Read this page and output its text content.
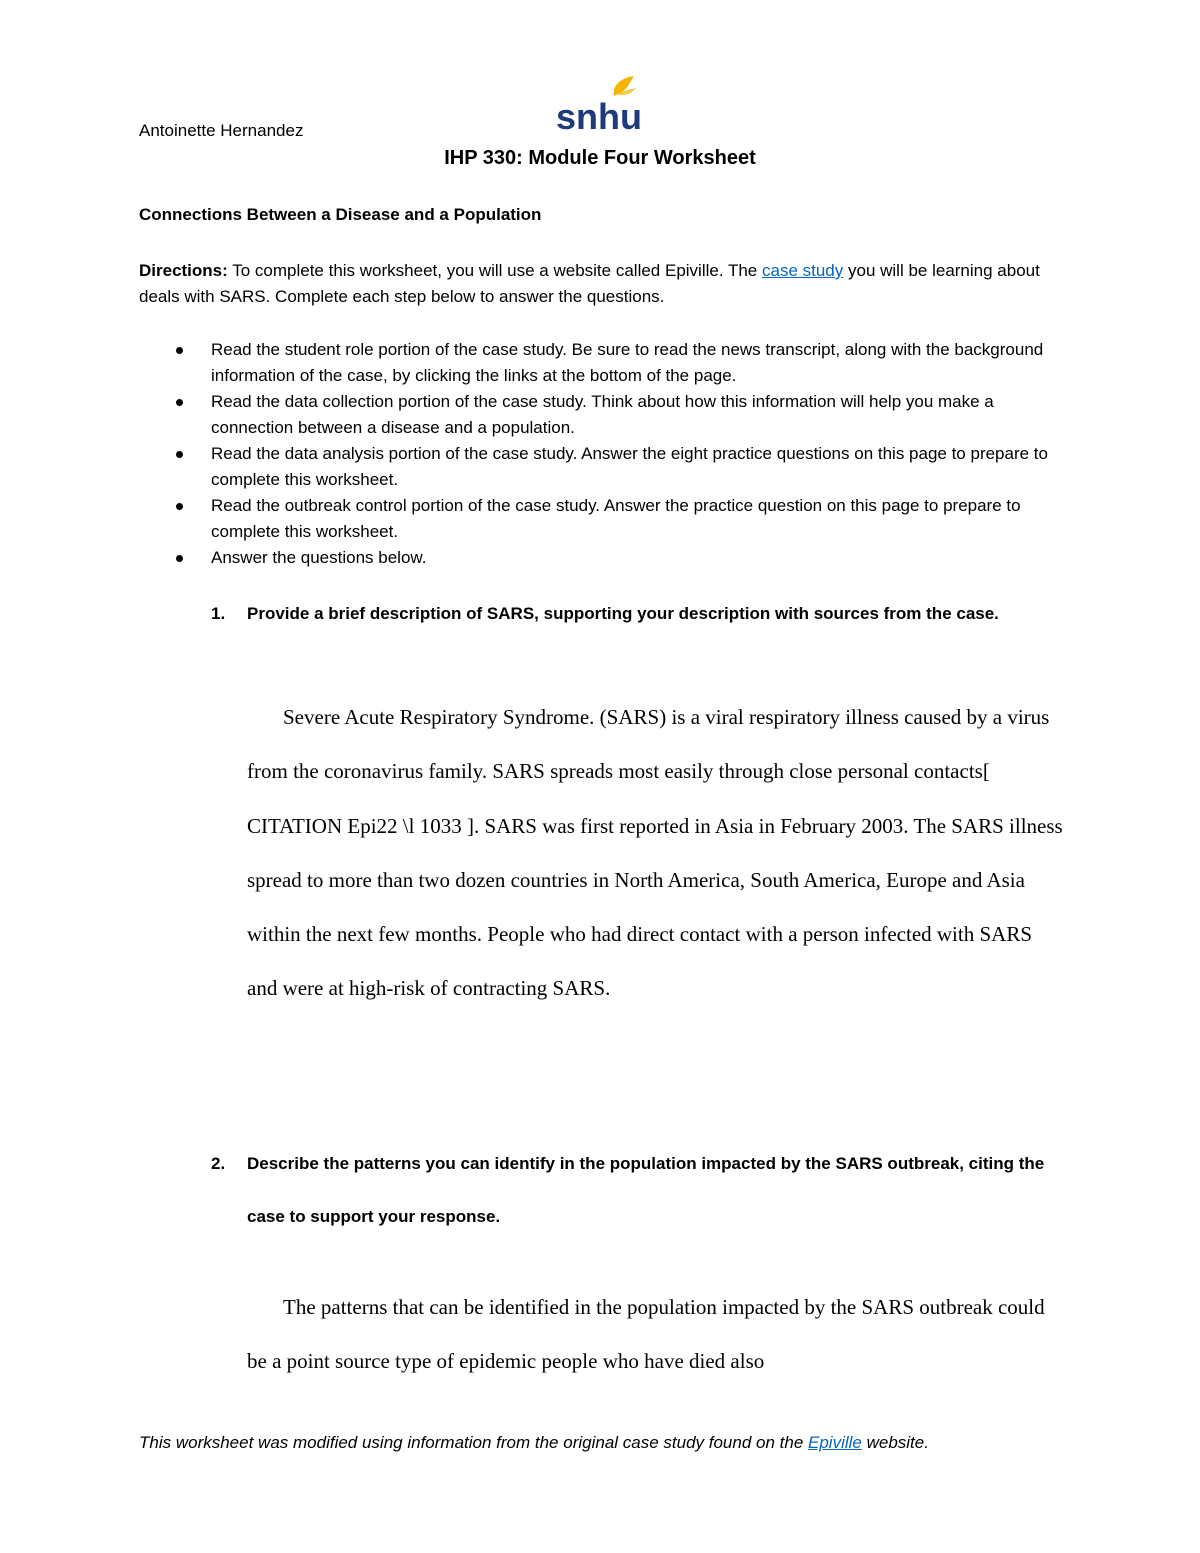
Antoinette Hernandez	snhu
IHP 330: Module Four Worksheet
Connections Between a Disease and a Population
Directions: To complete this worksheet, you will use a website called Epiville. The case study you will be learning about deals with SARS. Complete each step below to answer the questions.
Read the student role portion of the case study. Be sure to read the news transcript, along with the background information of the case, by clicking the links at the bottom of the page.
Read the data collection portion of the case study. Think about how this information will help you make a connection between a disease and a population.
Read the data analysis portion of the case study. Answer the eight practice questions on this page to prepare to complete this worksheet.
Read the outbreak control portion of the case study. Answer the practice question on this page to prepare to complete this worksheet.
Answer the questions below.
1.	Provide a brief description of SARS, supporting your description with sources from the case.

Severe Acute Respiratory Syndrome. (SARS) is a viral respiratory illness caused by a virus from the coronavirus family. SARS spreads most easily through close personal contacts[ CITATION Epi22 \l 1033 ]. SARS was first reported in Asia in February 2003. The SARS illness spread to more than two dozen countries in North America, South America, Europe and Asia within the next few months. People who had direct contact with a person infected with SARS and were at high-risk of contracting SARS.

2.	Describe the patterns you can identify in the population impacted by the SARS outbreak, citing the case to support your response.

The patterns that can be identified in the population impacted by the SARS outbreak could be a point source type of epidemic people who have died also

This worksheet was modified using information from the original case study found on the Epiville website.
